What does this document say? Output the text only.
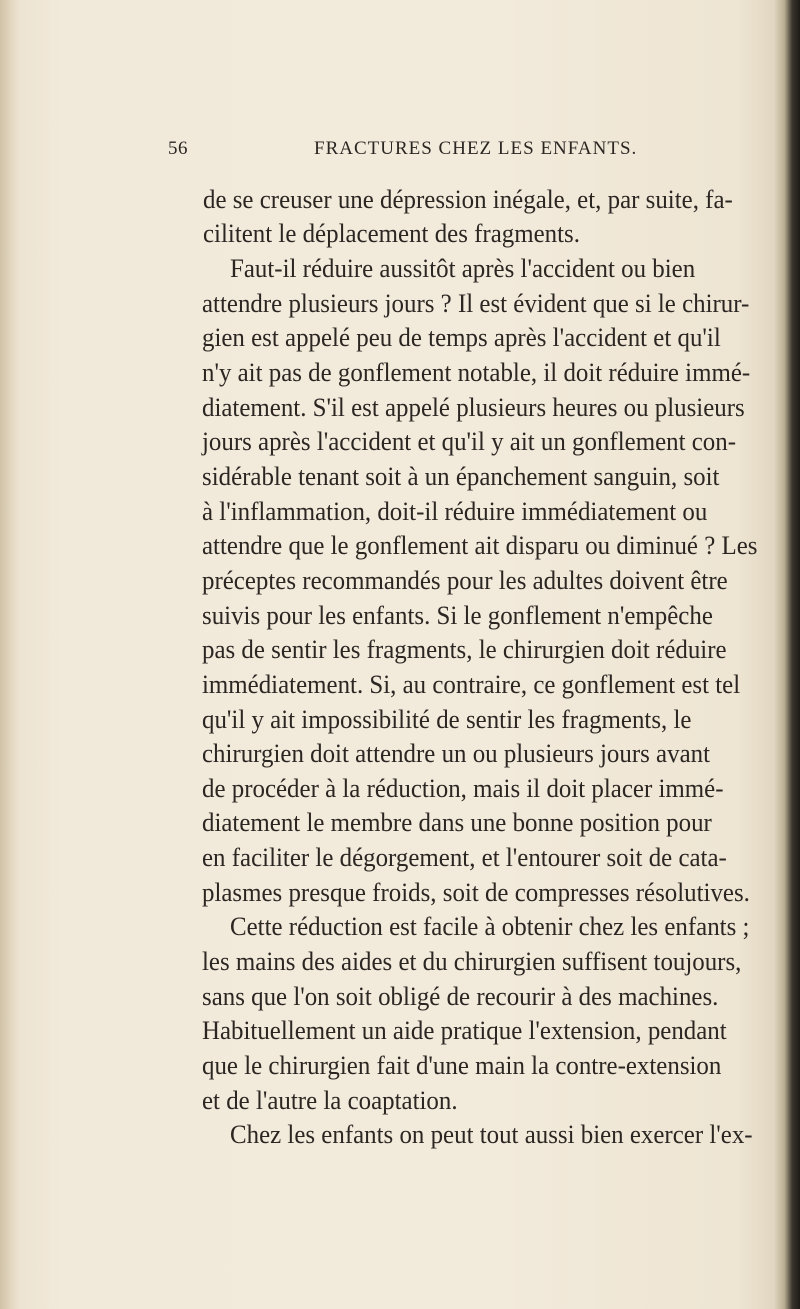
56	FRACTURES CHEZ LES ENFANTS.
de se creuser une dépression inégale, et, par suite, fa-
cilitent le déplacement des fragments.
Faut-il réduire aussitôt après l'accident ou bien
attendre plusieurs jours ? Il est évident que si le chirur-
gien est appelé peu de temps après l'accident et qu'il
n'y ait pas de gonflement notable, il doit réduire immé-
diatement. S'il est appelé plusieurs heures ou plusieurs
jours après l'accident et qu'il y ait un gonflement con-
sidérable tenant soit à un épanchement sanguin, soit
à l'inflammation, doit-il réduire immédiatement ou
attendre que le gonflement ait disparu ou diminué ? Les
préceptes recommandés pour les adultes doivent être
suivis pour les enfants. Si le gonflement n'empêche
pas de sentir les fragments, le chirurgien doit réduire
immédiatement. Si, au contraire, ce gonflement est tel
qu'il y ait impossibilité de sentir les fragments, le
chirurgien doit attendre un ou plusieurs jours avant
de procéder à la réduction, mais il doit placer immé-
diatement le membre dans une bonne position pour
en faciliter le dégorgement, et l'entourer soit de cata-
plasmes presque froids, soit de compresses résolutives.
Cette réduction est facile à obtenir chez les enfants ;
les mains des aides et du chirurgien suffisent toujours,
sans que l'on soit obligé de recourir à des machines.
Habituellement un aide pratique l'extension, pendant
que le chirurgien fait d'une main la contre-extension
et de l'autre la coaptation.
Chez les enfants on peut tout aussi bien exercer l'ex-
